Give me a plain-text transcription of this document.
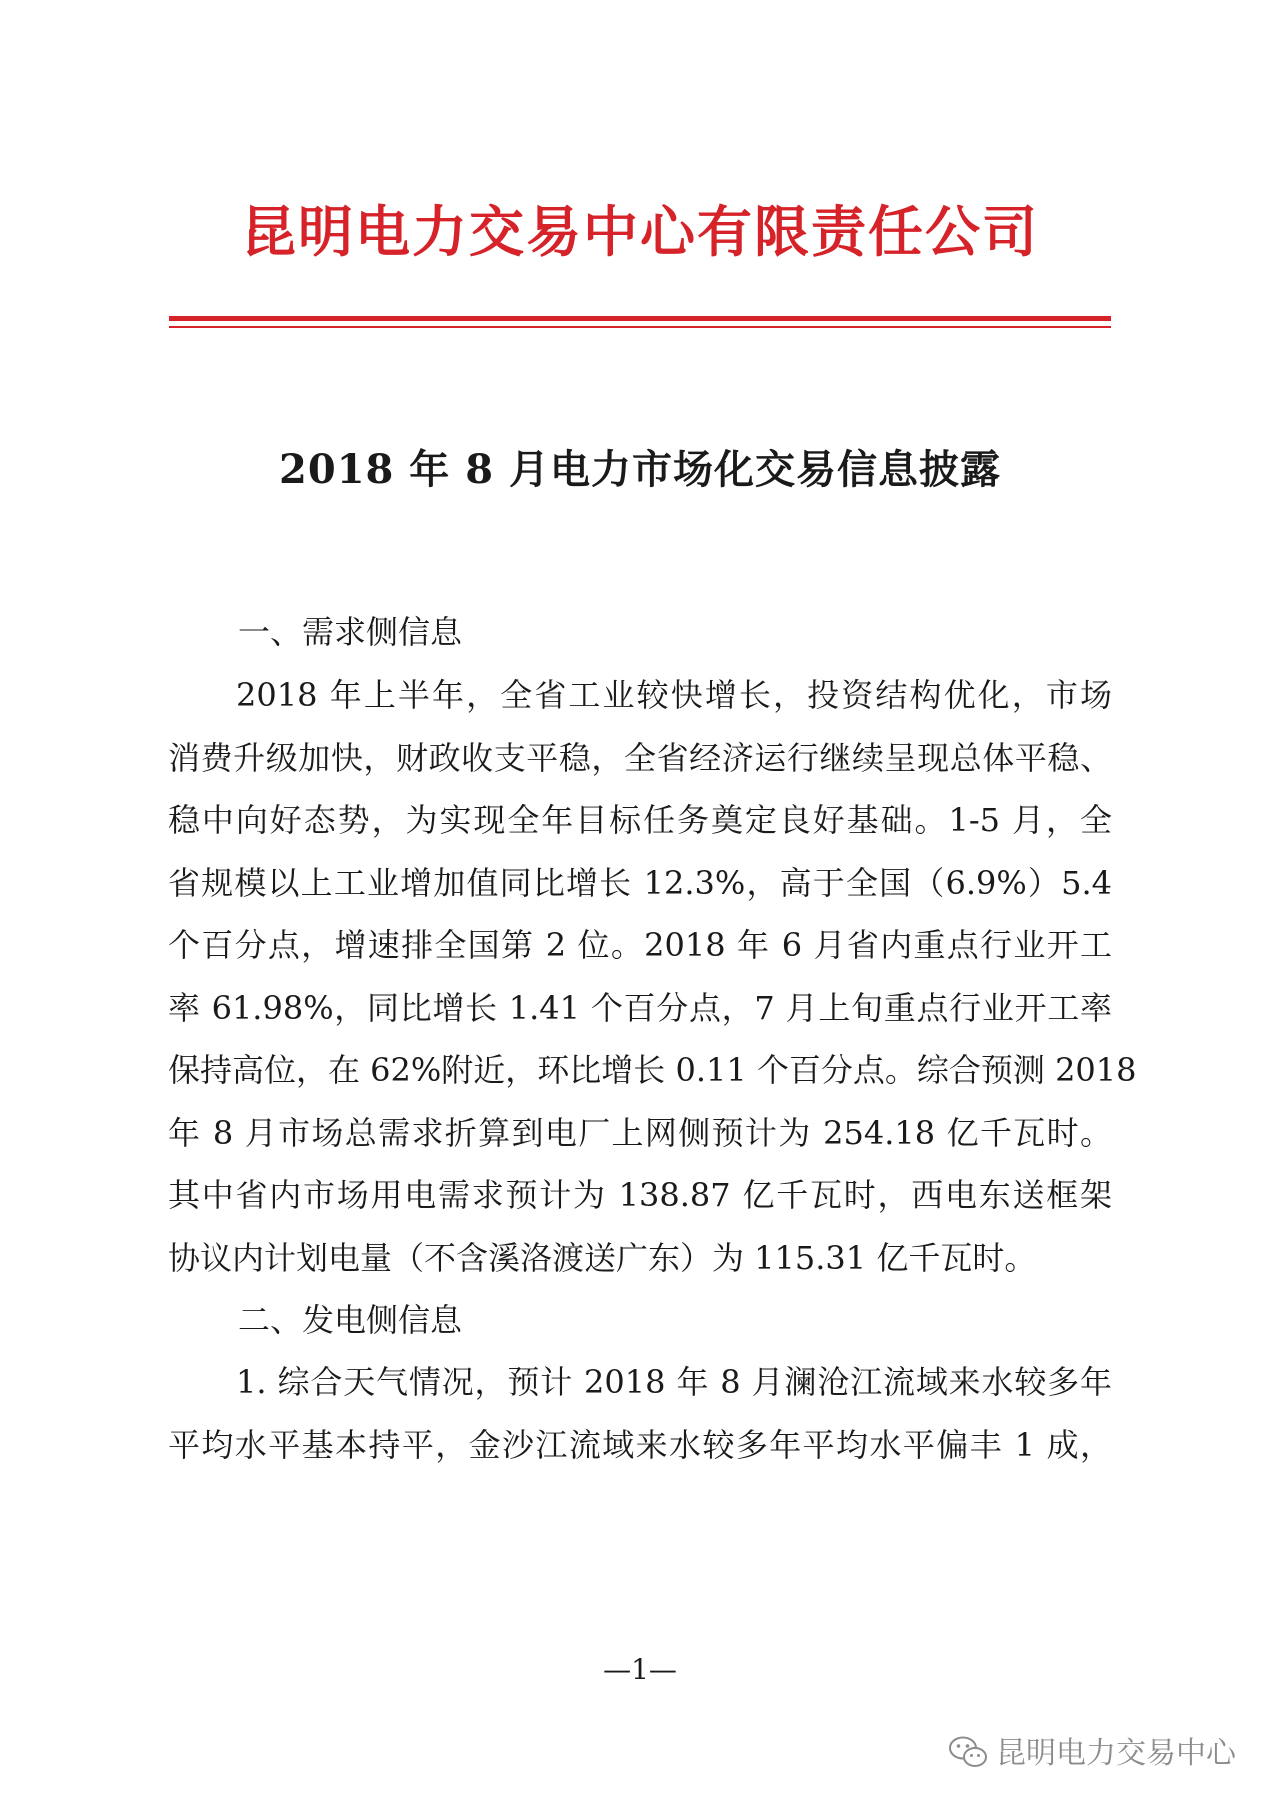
昆明电力交易中心有限责任公司
2018 年 8 月电力市场化交易信息披露
一、需求侧信息
2018 年上半年，全省工业较快增长，投资结构优化，市场
消费升级加快，财政收支平稳，全省经济运行继续呈现总体平稳、
稳中向好态势，为实现全年目标任务奠定良好基础。1-5 月，全
省规模以上工业增加值同比增长 12.3%，高于全国（6.9%）5.4
个百分点，增速排全国第 2 位。2018 年 6 月省内重点行业开工
率 61.98%，同比增长 1.41 个百分点，7 月上旬重点行业开工率
保持高位，在 62%附近，环比增长 0.11 个百分点。综合预测 2018
年 8 月市场总需求折算到电厂上网侧预计为 254.18 亿千瓦时。
其中省内市场用电需求预计为 138.87 亿千瓦时，西电东送框架
协议内计划电量（不含溪洛渡送广东）为 115.31 亿千瓦时。
二、发电侧信息
1. 综合天气情况，预计 2018 年 8 月澜沧江流域来水较多年
平均水平基本持平，金沙江流域来水较多年平均水平偏丰 1 成，
—1—
昆明电力交易中心
